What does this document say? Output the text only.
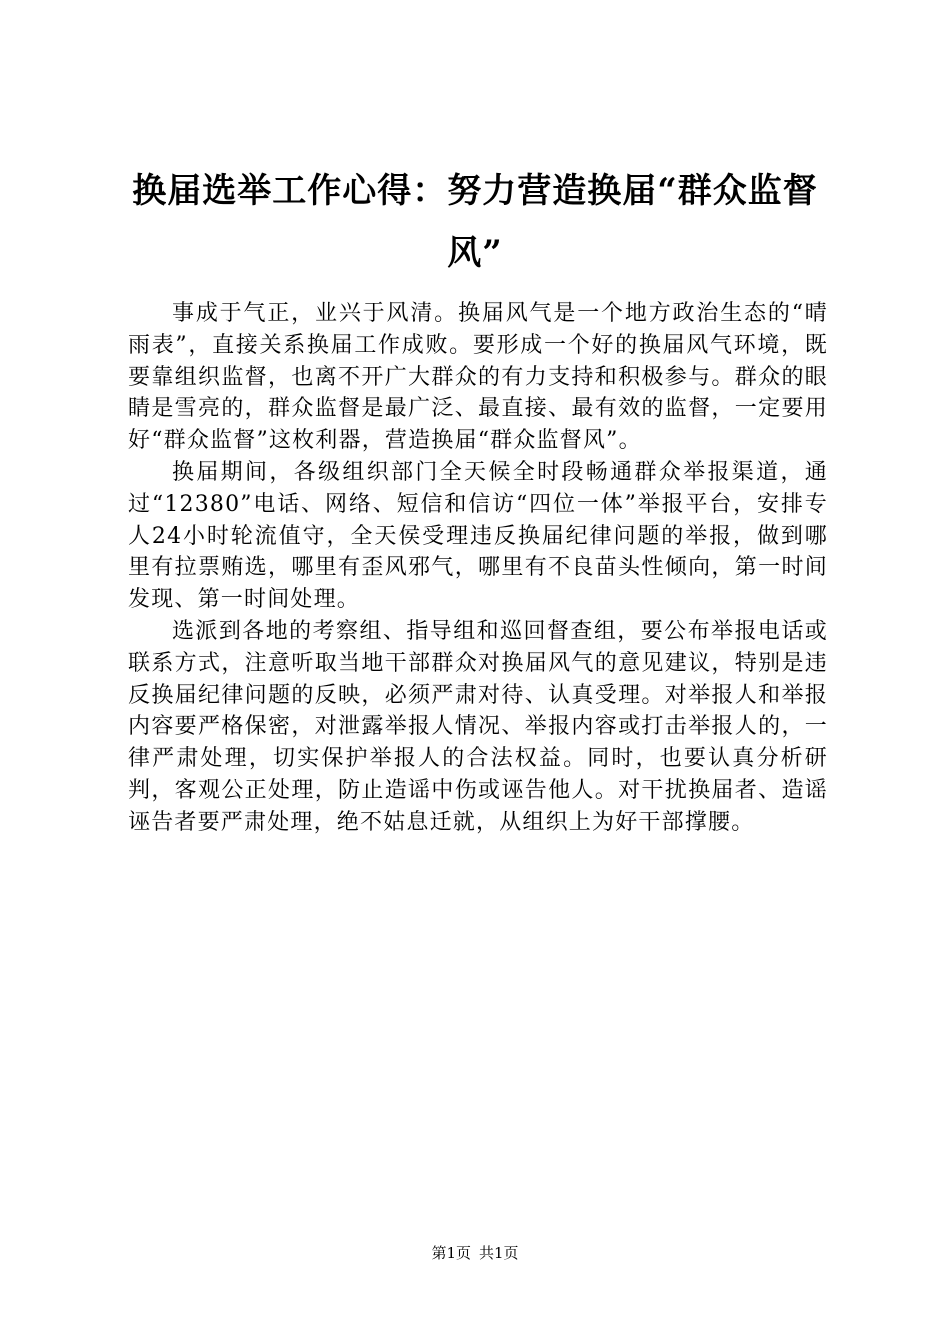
换届选举工作心得：努力营造换届“群众监督风”

事成于气正，业兴于风清。换届风气是一个地方政治生态的“晴雨表”，直接关系换届工作成败。要形成一个好的换届风气环境，既要靠组织监督，也离不开广大群众的有力支持和积极参与。群众的眼睛是雪亮的，群众监督是最广泛、最直接、最有效的监督，一定要用好“群众监督”这枚利器，营造换届“群众监督风”。

换届期间，各级组织部门全天候全时段畅通群众举报渠道，通过“12380”电话、网络、短信和信访“四位一体”举报平台，安排专人24小时轮流值守，全天侯受理违反换届纪律问题的举报，做到哪里有拉票贿选，哪里有歪风邪气，哪里有不良苗头性倾向，第一时间发现、第一时间处理。

选派到各地的考察组、指导组和巡回督查组，要公布举报电话或联系方式，注意听取当地干部群众对换届风气的意见建议，特别是违反换届纪律问题的反映，必须严肃对待、认真受理。对举报人和举报内容要严格保密，对泄露举报人情况、举报内容或打击举报人的，一律严肃处理，切实保护举报人的合法权益。同时，也要认真分析研判，客观公正处理，防止造谣中伤或诬告他人。对干扰换届者、造谣诬告者要严肃处理，绝不姑息迁就，从组织上为好干部撑腰。

第1页 共1页
